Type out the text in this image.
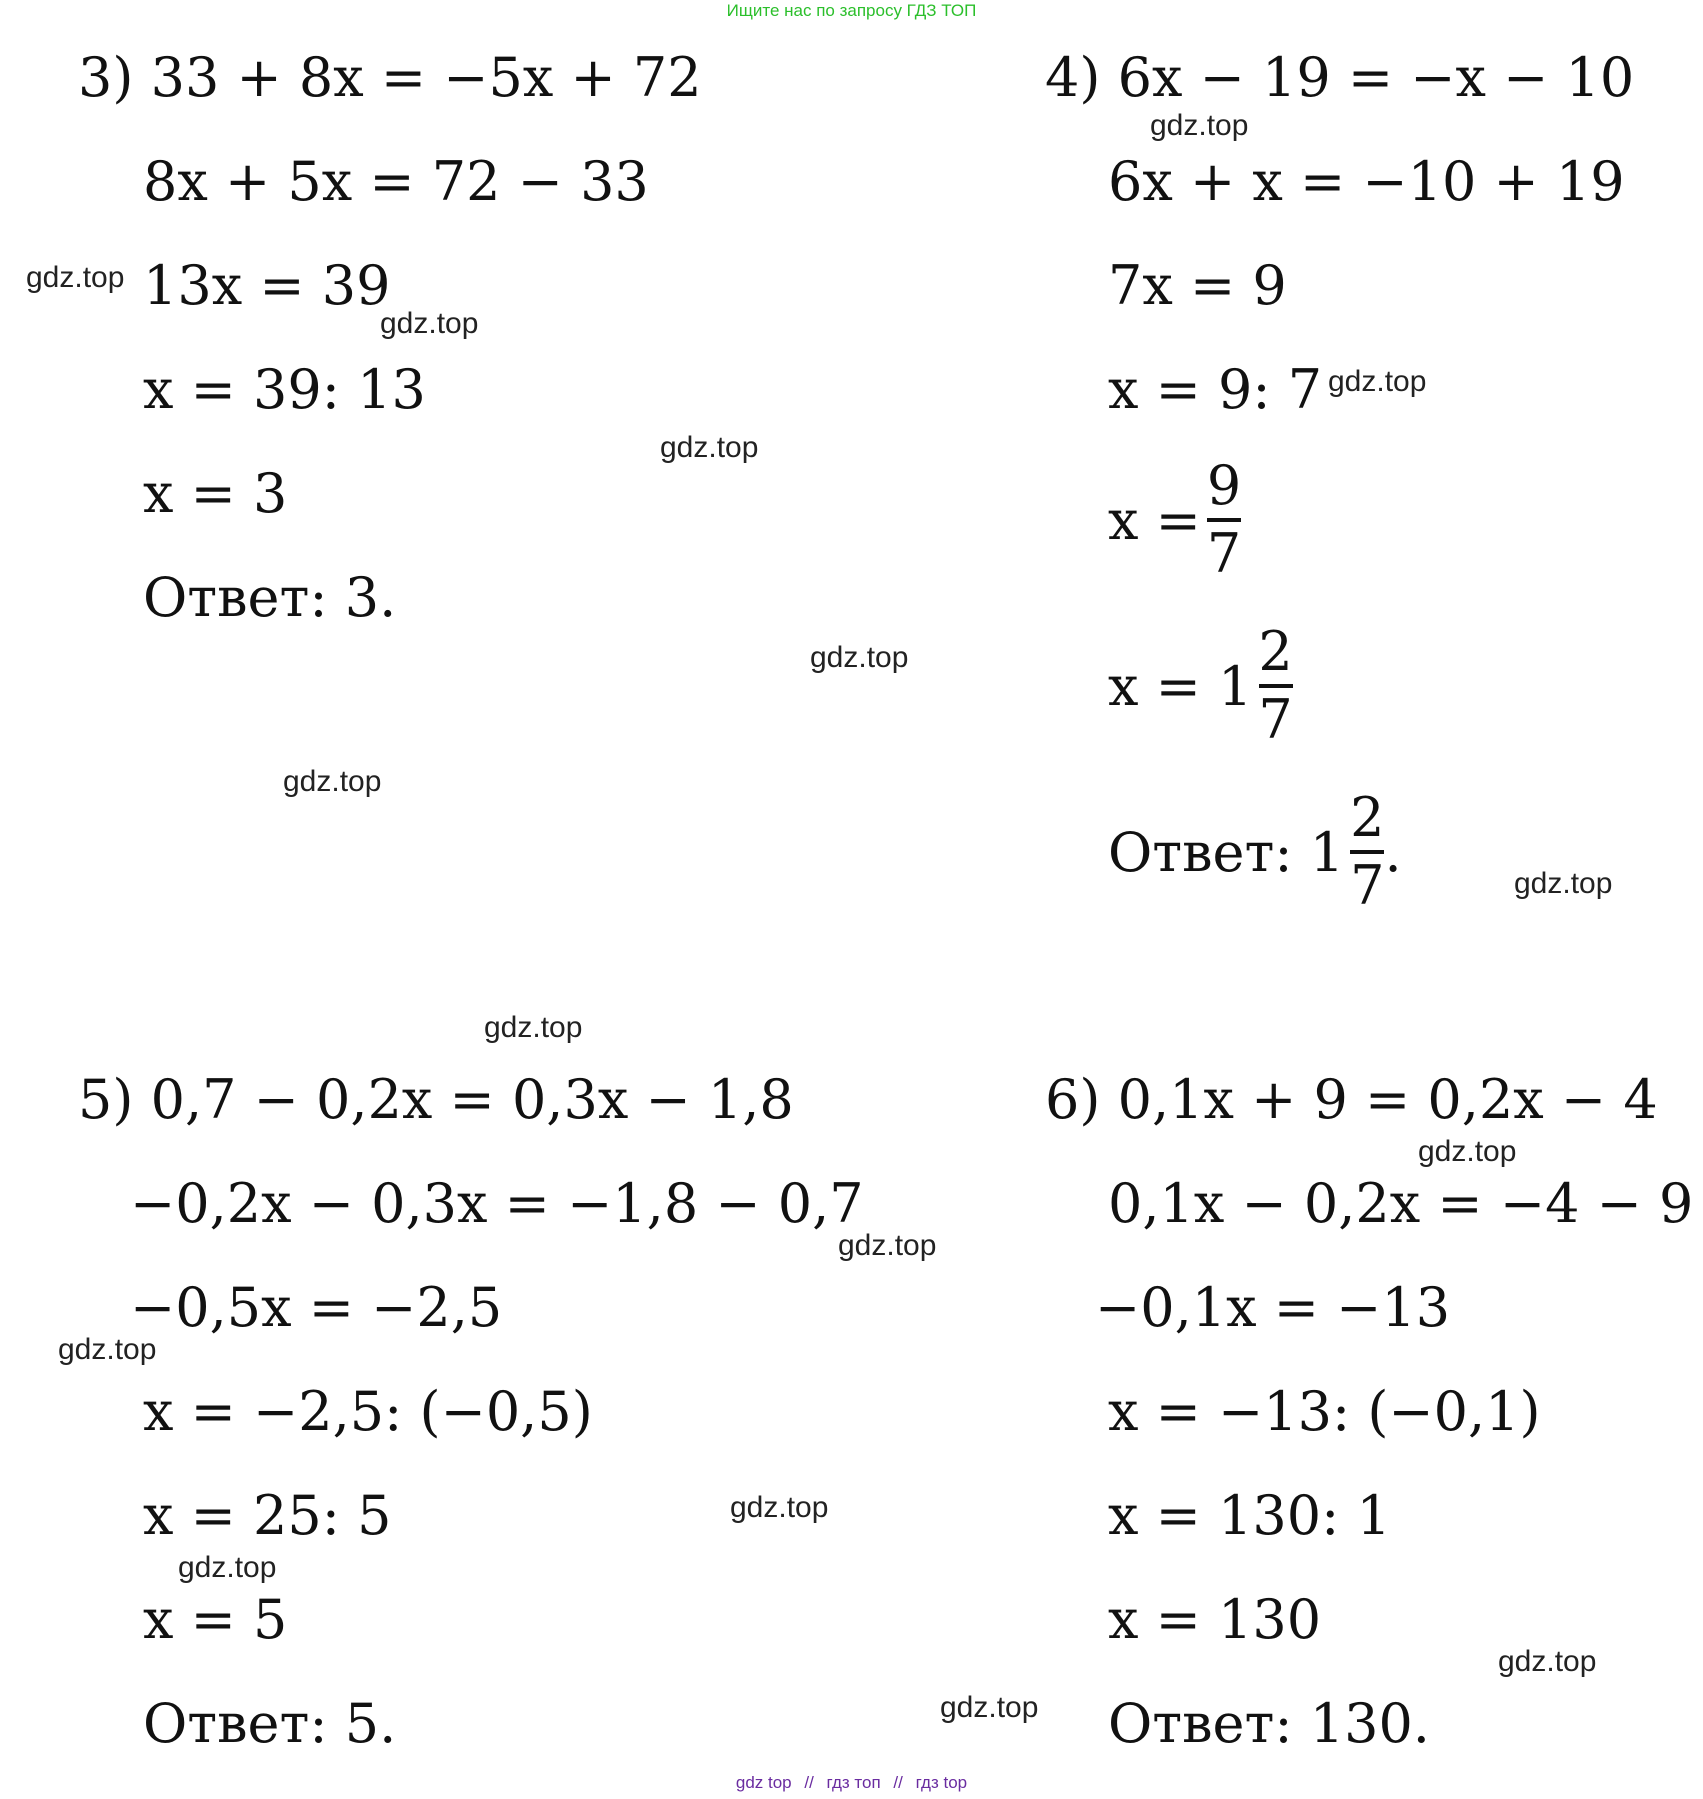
Ищите нас по запросу ГДЗ ТОП
3) 33 + 8x = −5x + 72
8x + 5x = 72 − 33
13x = 39
x = 39: 13
x = 3
Ответ: 3.
4) 6x − 19 = −x − 10
6x + x = −10 + 19
7x = 9
x = 9: 7
$x = \frac{9}{7}$
$x = 1 \frac{2}{7}$
Ответ: $1 \frac{2}{7}$ .
5) 0,7 − 0,2x = 0,3x − 1,8
−0,2x − 0,3x = −1,8 − 0,7
−0,5x = −2,5
x = −2,5: (−0,5)
x = 25: 5
x = 5
Ответ: 5.
6) 0,1x + 9 = 0,2x − 4
0,1x − 0,2x = −4 − 9
−0,1x = −13
x = −13: (−0,1)
x = 130: 1
x = 130
Ответ: 130.
gdz.top
gdz.top
gdz.top
gdz.top
gdz.top
gdz.top
gdz.top
gdz.top
gdz.top
gdz.top
gdz.top
gdz.top
gdz.top
gdz.top
gdz.top
gdz.top
gdz top // гдз топ // гдз top
